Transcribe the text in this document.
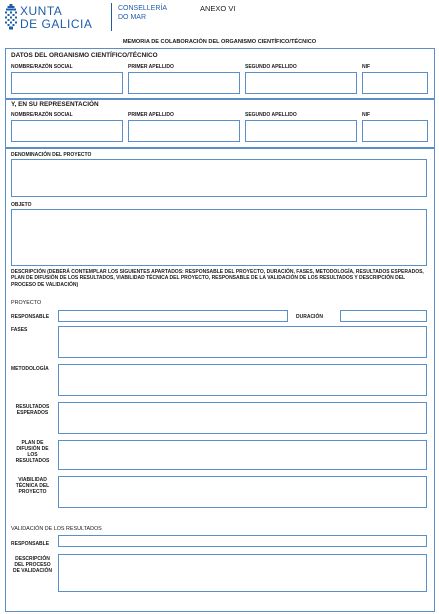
XUNTA
DE GALICIA
CONSELLERÍA
DO MAR
ANEXO VI
MEMORIA DE COLABORACIÓN DEL ORGANISMO CIENTÍFICO/TÉCNICO
DATOS DEL ORGANISMO CIENTÍFICO/TÉCNICO
NOMBRE/RAZÓN SOCIAL	PRIMER APELLIDO	SEGUNDO APELLIDO	NIF
Y, EN SU REPRESENTACIÓN
NOMBRE/RAZÓN SOCIAL	PRIMER APELLIDO	SEGUNDO APELLIDO	NIF
DENOMINACIÓN DEL PROYECTO
OBJETO
DESCRIPCIÓN (DEBERÁ CONTEMPLAR LOS SIGUIENTES APARTADOS: RESPONSABLE DEL PROYECTO, DURACIÓN, FASES, METODOLOGÍA, RESULTADOS ESPERADOS, PLAN DE DIFUSIÓN DE LOS RESULTADOS, VIABILIDAD TÉCNICA DEL PROYECTO, RESPONSABLE DE LA VALIDACIÓN DE LOS RESULTADOS Y DESCRIPCIÓN DEL PROCESO DE VALIDACIÓN)
PROYECTO
RESPONSABLE	DURACIÓN
FASES
METODOLOGÍA
RESULTADOS ESPERADOS
PLAN DE DIFUSIÓN DE LOS RESULTADOS
VIABILIDAD TÉCNICA DEL PROYECTO
VALIDACIÓN DE LOS RESULTADOS
RESPONSABLE
DESCRIPCIÓN DEL PROCESO DE VALIDACIÓN
